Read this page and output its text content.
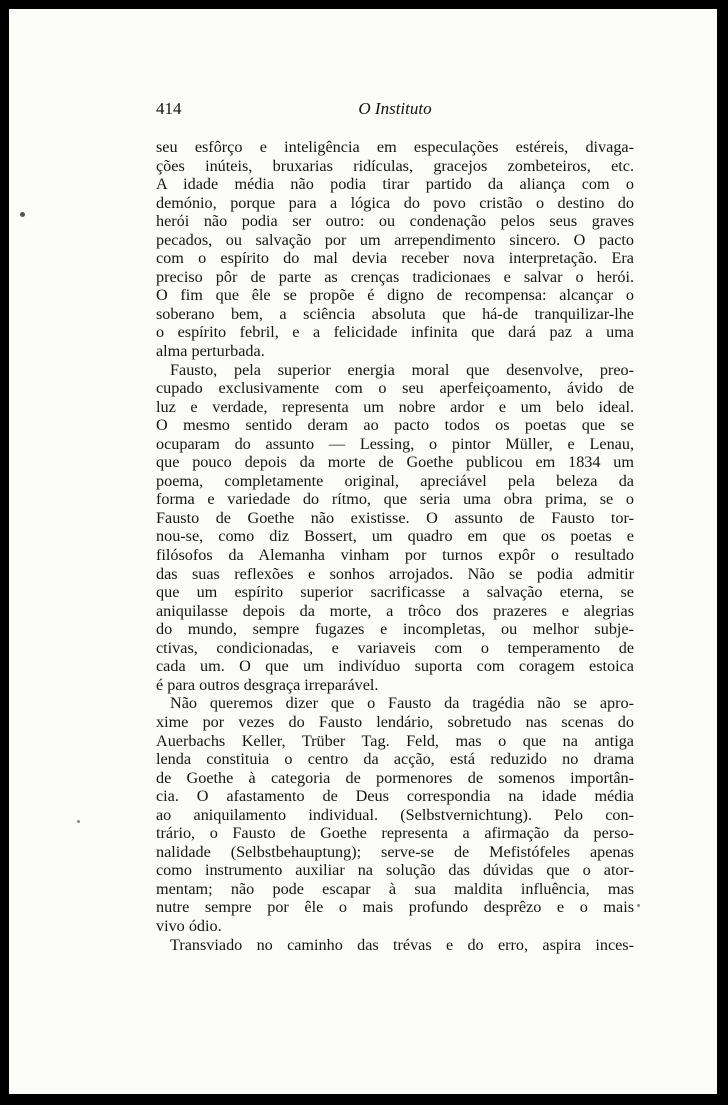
414	O Instituto
seu esfôrço e inteligência em especulações estéreis, divaga-
ções inúteis, bruxarias ridículas, gracejos zombeteiros, etc.
A idade média não podia tirar partido da aliança com o
demónio, porque para a lógica do povo cristão o destino do
herói não podia ser outro: ou condenação pelos seus graves
pecados, ou salvação por um arrependimento sincero. O pacto
com o espírito do mal devia receber nova interpretação. Era
preciso pôr de parte as crenças tradicionaes e salvar o herói.
O fim que êle se propõe é digno de recompensa: alcançar o
soberano bem, a sciência absoluta que há-de tranquilizar-lhe
o espírito febril, e a felicidade infinita que dará paz a uma
alma perturbada.
Fausto, pela superior energia moral que desenvolve, preo-
cupado exclusivamente com o seu aperfeiçoamento, ávido de
luz e verdade, representa um nobre ardor e um belo ideal.
O mesmo sentido deram ao pacto todos os poetas que se
ocuparam do assunto — Lessing, o pintor Müller, e Lenau,
que pouco depois da morte de Goethe publicou em 1834 um
poema, completamente original, apreciável pela beleza da
forma e variedade do rítmo, que seria uma obra prima, se o
Fausto de Goethe não existisse. O assunto de Fausto tor-
nou-se, como diz Bossert, um quadro em que os poetas e
filósofos da Alemanha vinham por turnos expôr o resultado
das suas reflexões e sonhos arrojados. Não se podia admitir
que um espírito superior sacrificasse a salvação eterna, se
aniquilasse depois da morte, a trôco dos prazeres e alegrias
do mundo, sempre fugazes e incompletas, ou melhor subje-
ctivas, condicionadas, e variaveis com o temperamento de
cada um. O que um indivíduo suporta com coragem estoica
é para outros desgraça irreparável.
Não queremos dizer que o Fausto da tragédia não se apro-
xime por vezes do Fausto lendário, sobretudo nas scenas do
Auerbachs Keller, Trüber Tag. Feld, mas o que na antiga
lenda constituia o centro da acção, está reduzido no drama
de Goethe à categoria de pormenores de somenos importân-
cia. O afastamento de Deus correspondia na idade média
ao aniquilamento individual. (Selbstvernichtung). Pelo con-
trário, o Fausto de Goethe representa a afirmação da perso-
nalidade (Selbstbehauptung); serve-se de Mefistófeles apenas
como instrumento auxiliar na solução das dúvidas que o ator-
mentam; não pode escapar à sua maldita influência, mas
nutre sempre por êle o mais profundo desprêzo e o mais
vivo ódio.
Transviado no caminho das trévas e do erro, aspira inces-
